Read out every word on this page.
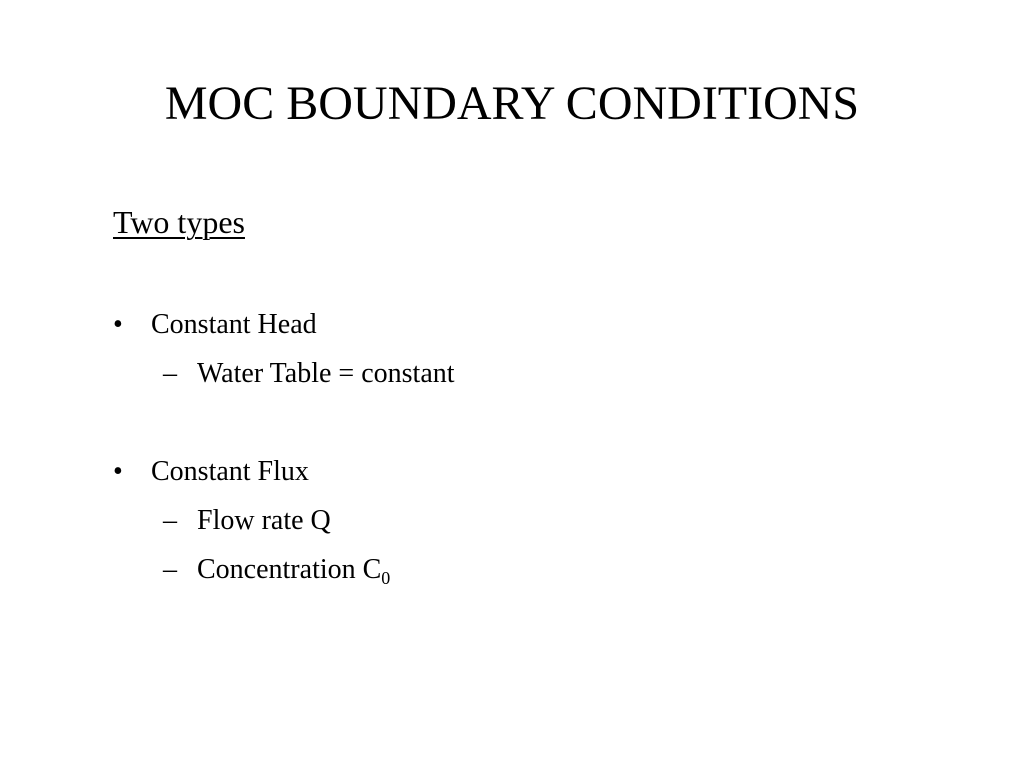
MOC BOUNDARY CONDITIONS
Two types
• Constant Head
– Water Table = constant
• Constant Flux
– Flow rate Q
– Concentration $C_0$
